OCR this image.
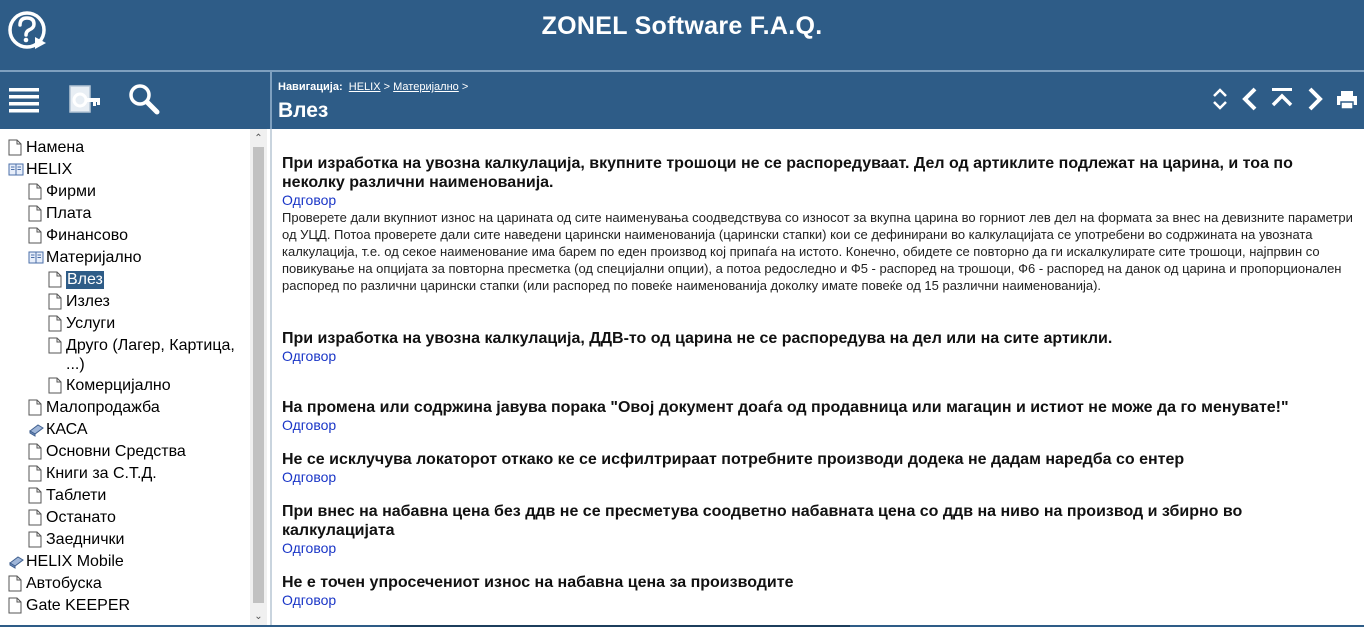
ZONEL Software F.A.Q.
Навигација: HELIX > Материјално >
Влез
Намена
HELIX
Фирми
Плата
Финансово
Материјално
Влез
Излез
Услуги
Друго (Лагер, Картица, ...)
Комерцијално
Малопродажба
КАСА
Основни Средства
Книги за С.Т.Д.
Таблети
Останато
Заеднички
HELIX Mobile
Автобуска
Gate KEEPER
⌃
⌄

При изработка на увозна калкулација, вкупните трошоци не се распоредуваат. Дел од артиклите подлежат на царина, и тоа по неколку различни наименованија.

Одговор

Проверете дали вкупниот износ на царината од сите наименувања соодведствува со износот за вкупна царина во горниот лев дел на формата за внес на девизните параметри од УЦД. Потоа проверете дали сите наведени царински наименованија (царински стапки) кои се дефинирани во калкулацијата се употребени во содржината на увозната калкулација, т.е. од секое наименование има барем по еден производ кој припаѓа на истото. Конечно, обидете се повторно да ги искалкулирате сите трошоци, најпрвин со повикување на опцијата за повторна пресметка (од специјални опции), а потоа редоследно и Ф5 - распоред на трошоци, Ф6 - распоред на данок од царина и пропорционален распоред по различни царински стапки (или распоред по повеќе наименованија доколку имате повеќе од 15 различни наименованија).

При изработка на увозна калкулација, ДДВ-то од царина не се распоредува на дел или на сите артикли.

Одговор

На промена или содржина јавува порака "Овој документ доаѓа од продавница или магацин и истиот не може да го менувате!"

Одговор

Не се исклучува локаторот откако ке се исфилтрираат потребните производи додека не дадам наредба со ентер

Одговор

При внес на набавна цена без ддв не се пресметува соодветно набавната цена со ддв на ниво на производ и збирно во калкулацијата

Одговор

Не е точен упросечениот износ на набавна цена за производите

Одговор
